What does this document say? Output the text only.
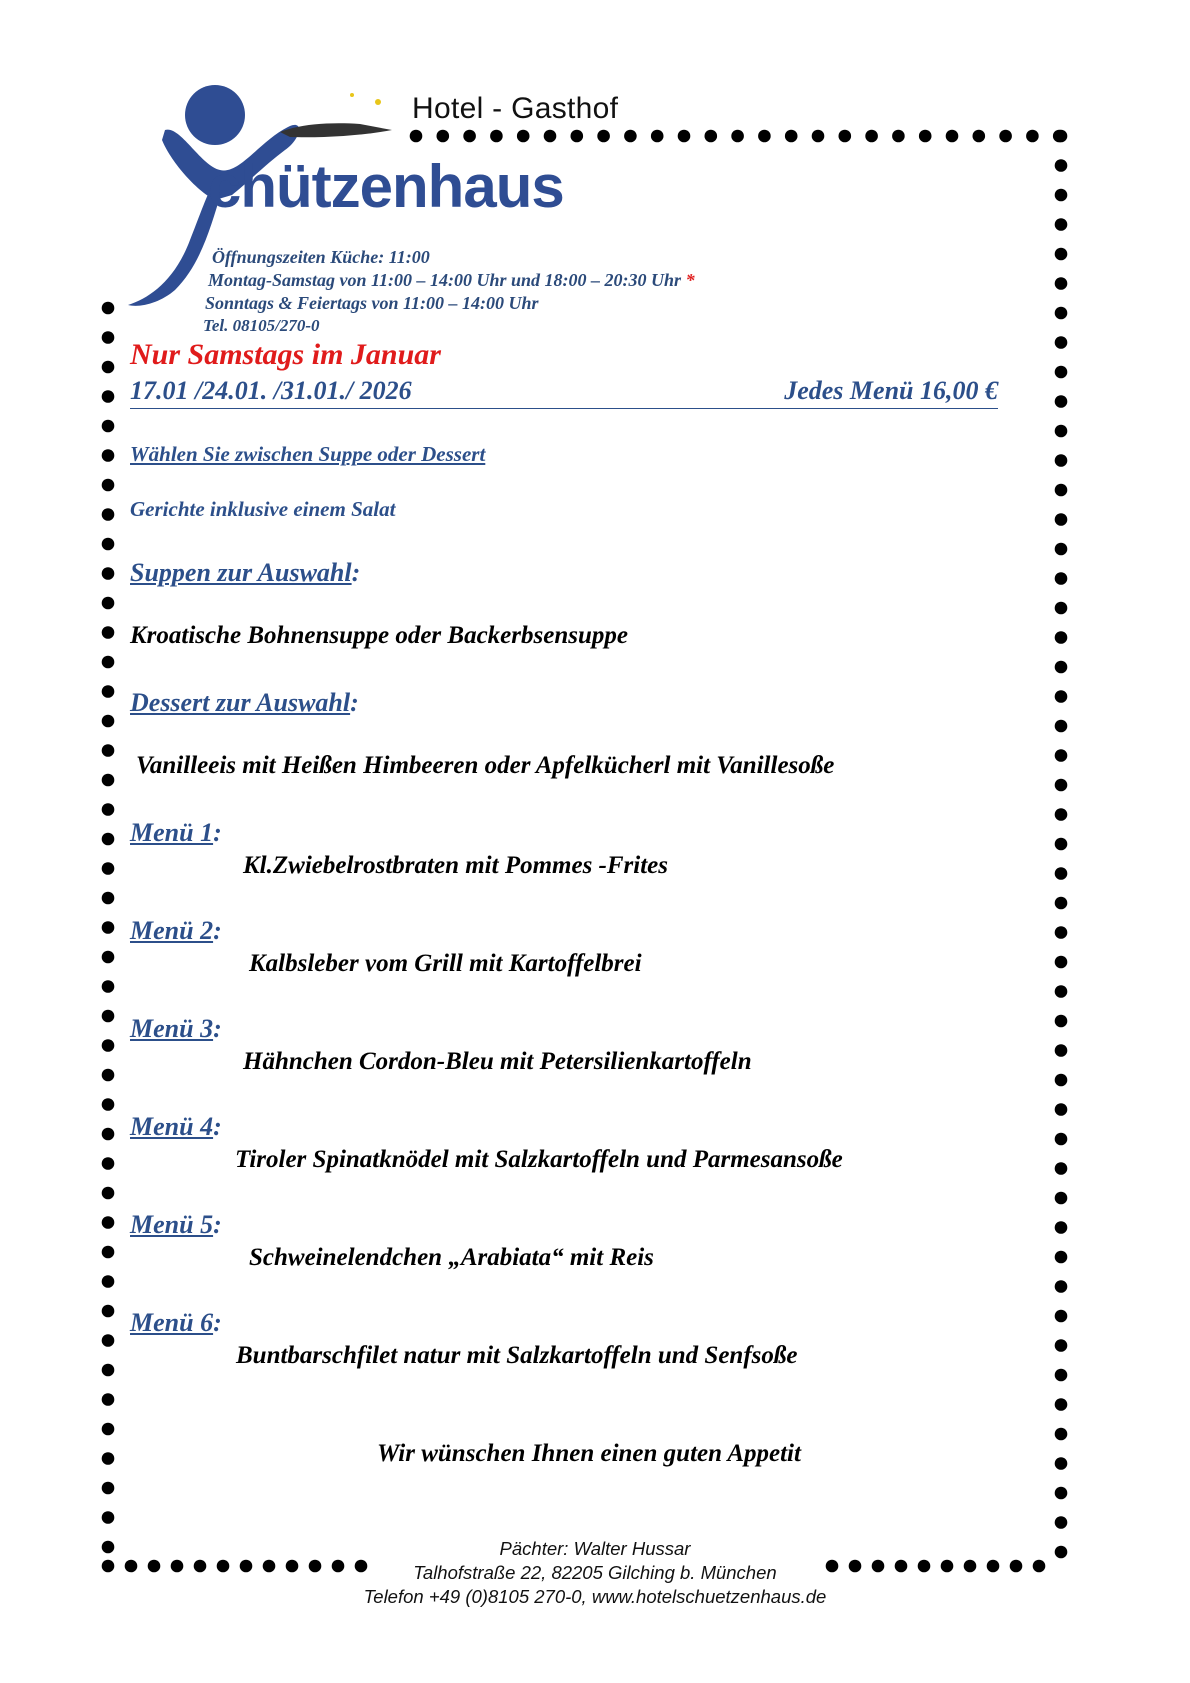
Hotel - Gasthof
chützenhaus
Öffnungszeiten Küche: 11:00
Montag-Samstag von 11:00 – 14:00 Uhr und 18:00 – 20:30 Uhr *
Sonntags & Feiertags von 11:00 – 14:00 Uhr
Tel. 08105/270-0
Nur Samstags im Januar
17.01 /24.01. /31.01./ 2026	Jedes Menü 16,00 €
Wählen Sie zwischen Suppe oder Dessert
Gerichte inklusive einem Salat
Suppen zur Auswahl:
Kroatische Bohnensuppe oder Backerbsensuppe
Dessert zur Auswahl:
Vanilleeis mit Heißen Himbeeren oder Apfelkücherl mit Vanillesoße
Menü 1:
Kl.Zwiebelrostbraten mit Pommes -Frites
Menü 2:
Kalbsleber vom Grill mit Kartoffelbrei
Menü 3:
Hähnchen Cordon-Bleu mit Petersilienkartoffeln
Menü 4:
Tiroler Spinatknödel mit Salzkartoffeln und Parmesansoße
Menü 5:
Schweinelendchen „Arabiata“ mit Reis
Menü 6:
Buntbarschfilet natur mit Salzkartoffeln und Senfsoße
Wir wünschen Ihnen einen guten Appetit
Pächter: Walter Hussar
Talhofstraße 22, 82205 Gilching b. München
Telefon +49 (0)8105 270-0, www.hotelschuetzenhaus.de
